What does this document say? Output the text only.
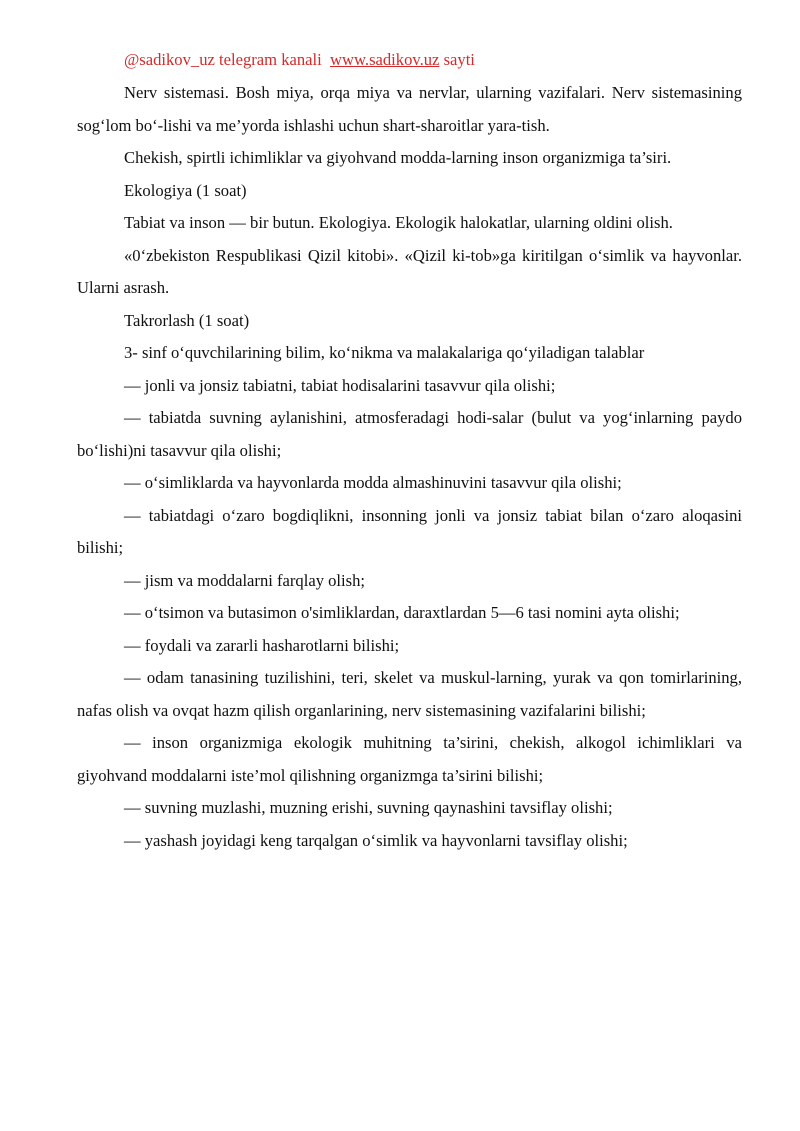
@sadikov_uz telegram kanali www.sadikov.uz sayti

Nerv sistemasi. Bosh miya, orqa miya va nervlar, ularning vazifalari. Nerv sistemasining sog‘lom bo‘-lishi va me’yorda ishlashi uchun shart-sharoitlar yara-tish.

Chekish, spirtli ichimliklar va giyohvand modda-larning inson organizmiga ta’siri.

Ekologiya (1 soat)

Tabiat va inson — bir butun. Ekologiya. Ekologik halokatlar, ularning oldini olish.

«0‘zbekiston Respublikasi Qizil kitobi». «Qizil ki-tob»ga kiritilgan o‘simlik va hayvonlar. Ularni asrash.

Takrorlash (1 soat)

3- sinf o‘quvchilarining bilim, ko‘nikma va malakalariga qo‘yiladigan talablar

— jonli va jonsiz tabiatni, tabiat hodisalarini tasavvur qila olishi;

— tabiatda suvning aylanishini, atmosferadagi hodi-salar (bulut va yog‘inlarning paydo bo‘lishi)ni tasavvur qila olishi;

— o‘simliklarda va hayvonlarda modda almashinuvini tasavvur qila olishi;

— tabiatdagi o‘zaro bogdiqlikni, insonning jonli va jonsiz tabiat bilan o‘zaro aloqasini bilishi;

— jism va moddalarni farqlay olish;

— o‘tsimon va butasimon o'simliklardan, daraxtlardan 5—6 tasi nomini ayta olishi;

— foydali va zararli hasharotlarni bilishi;

— odam tanasining tuzilishini, teri, skelet va muskul-larning, yurak va qon tomirlarining, nafas olish va ovqat hazm qilish organlarining, nerv sistemasining vazifalarini bilishi;

— inson organizmiga ekologik muhitning ta’sirini, chekish, alkogol ichimliklari va giyohvand moddalarni iste’mol qilishning organizmga ta’sirini bilishi;

— suvning muzlashi, muzning erishi, suvning qaynashini tavsiflay olishi;

— yashash joyidagi keng tarqalgan o‘simlik va hayvonlarni tavsiflay olishi;
